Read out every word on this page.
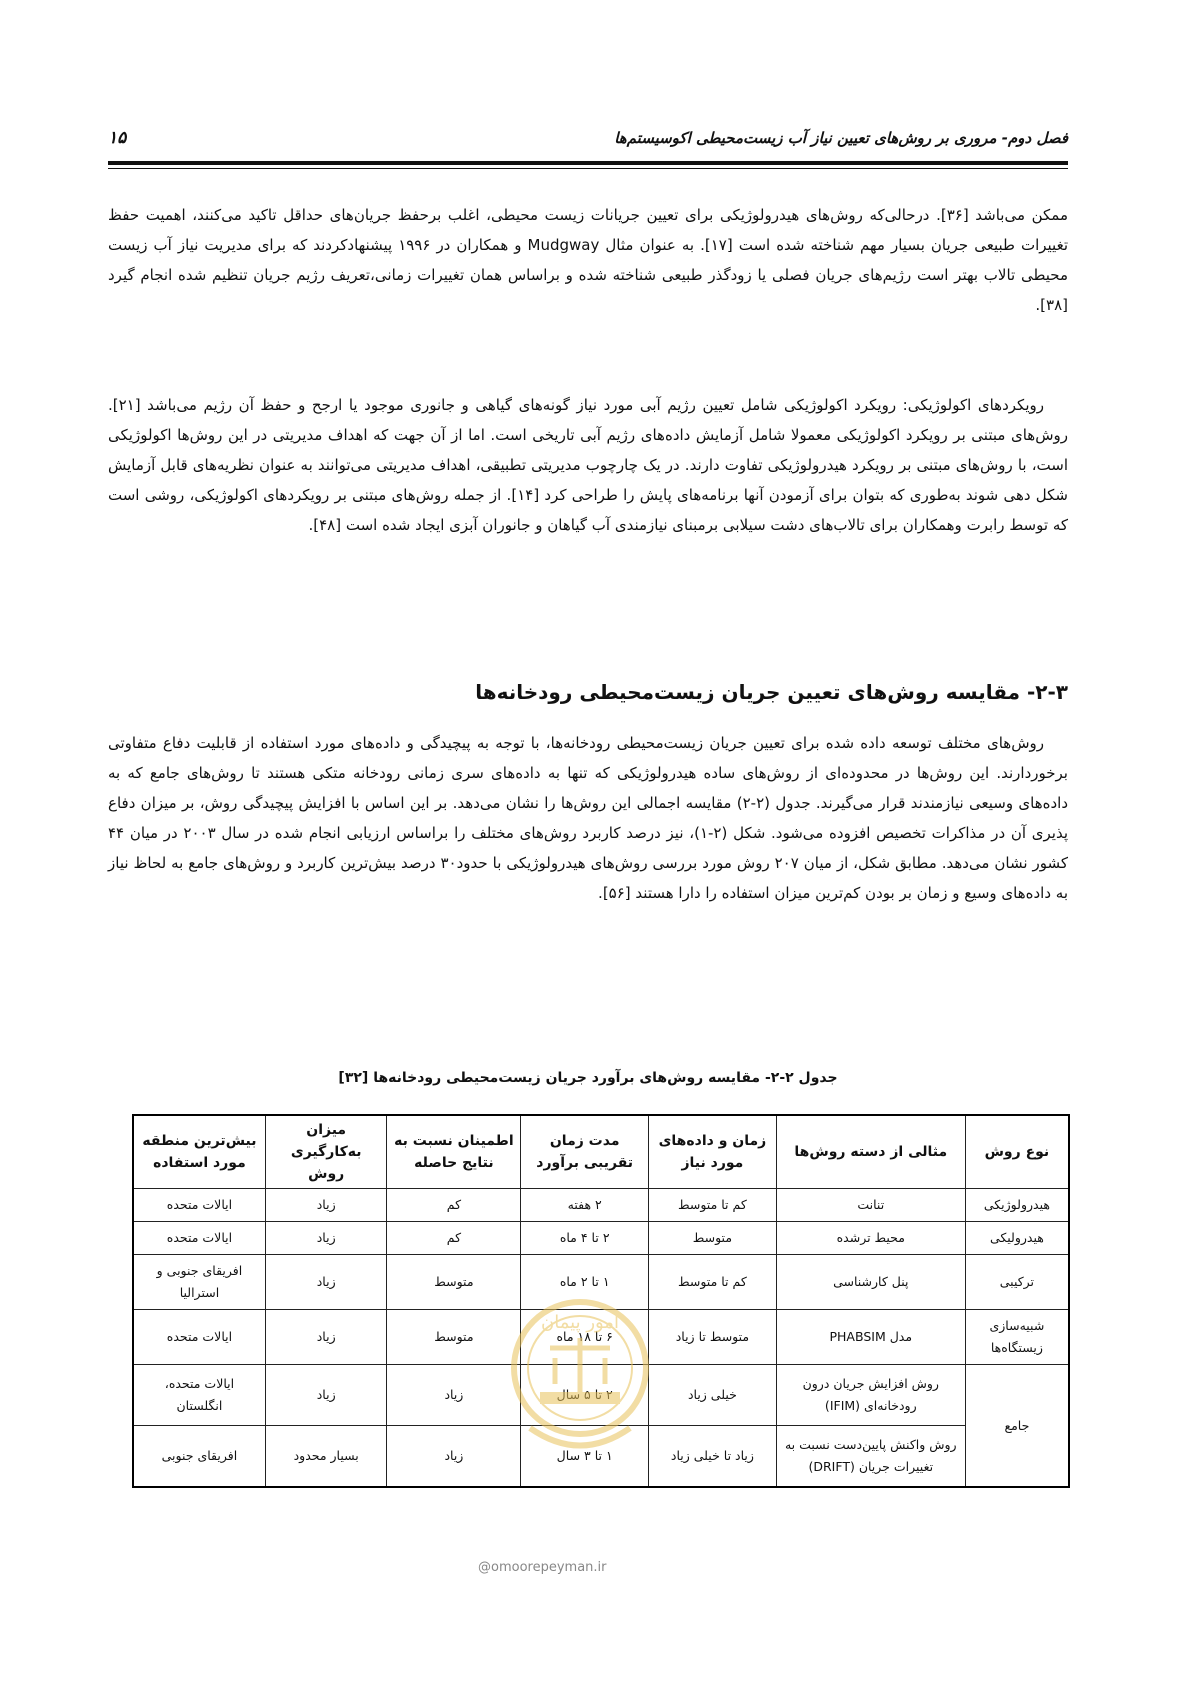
فصل دوم- مروری بر روش‌های تعیین نیاز آب زیست‌محیطی اکوسیستم‌ها
۱۵

ممکن می‌باشد [۳۶]. درحالی‌که روش‌های هیدرولوژیکی برای تعیین جریانات زیست محیطی، اغلب برحفظ جریان‌های حداقل تاکید می‌کنند، اهمیت حفظ تغییرات طبیعی جریان بسیار مهم شناخته شده است [۱۷]. به عنوان مثال Mudgway و همکاران در ۱۹۹۶ پیشنهادکردند که برای مدیریت نیاز آب زیست محیطی تالاب بهتر است رژیم‌های جریان فصلی یا زودگذر طبیعی شناخته شده و براساس همان تغییرات زمانی،تعریف رژیم جریان تنظیم شده انجام گیرد [۳۸].

رویکردهای اکولوژیکی: رویکرد اکولوژیکی شامل تعیین رژیم آبی مورد نیاز گونه‌های گیاهی و جانوری موجود یا ارجح و حفظ آن رژیم می‌باشد [۲۱]. روش‌های مبتنی بر رویکرد اکولوژیکی معمولا شامل آزمایش داده‌های رژیم آبی تاریخی است. اما از آن جهت که اهداف مدیریتی در این روش‌ها اکولوژیکی است، با روش‌های مبتنی بر رویکرد هیدرولوژیکی تفاوت دارند. در یک چارچوب مدیریتی تطبیقی، اهداف مدیریتی می‌توانند به عنوان نظریه‌های قابل آزمایش شکل دهی شوند به‌طوری که بتوان برای آزمودن آنها برنامه‌های پایش را طراحی کرد [۱۴]. از جمله روش‌های مبتنی بر رویکردهای اکولوژیکی، روشی است که توسط رابرت وهمکاران برای تالاب‌های دشت سیلابی برمبنای نیازمندی آب گیاهان و جانوران آبزی ایجاد شده است [۴۸].

۲-۳- مقایسه روش‌های تعیین جریان زیست‌محیطی رودخانه‌ها

روش‌های مختلف توسعه داده شده برای تعیین جریان زیست‌محیطی رودخانه‌ها، با توجه به پیچیدگی و داده‌های مورد استفاده از قابلیت دفاع متفاوتی برخوردارند. این روش‌ها در محدوده‌ای از روش‌های ساده هیدرولوژیکی که تنها به داده‌های سری زمانی رودخانه متکی هستند تا روش‌های جامع که به داده‌های وسیعی نیازمندند قرار می‌گیرند. جدول (۲-۲) مقایسه اجمالی این روش‌ها را نشان می‌دهد. بر این اساس با افزایش پیچیدگی روش، بر میزان دفاع پذیری آن در مذاکرات تخصیص افزوده می‌شود. شکل (۲-۱)، نیز درصد کاربرد روش‌های مختلف را براساس ارزیابی انجام شده در سال ۲۰۰۳ در میان ۴۴ کشور نشان می‌دهد. مطابق شکل، از میان ۲۰۷ روش مورد بررسی روش‌های هیدرولوژیکی با حدود۳۰ درصد بیش‌ترین کاربرد و روش‌های جامع به لحاظ نیاز به داده‌های وسیع و زمان بر بودن کم‌ترین میزان استفاده را دارا هستند [۵۶].

جدول ۲-۲- مقایسه روش‌های برآورد جریان زیست‌محیطی رودخانه‌ها [۳۲]
نوع روش	مثالی از دسته روش‌ها	زمان و داده‌های مورد نیاز	مدت زمان تقریبی برآورد	اطمینان نسبت به نتایج حاصله	میزان به‌کارگیری روش	بیش‌ترین منطقه مورد استفاده
هیدرولوژیکی	تنانت	کم تا متوسط	۲ هفته	کم	زیاد	ایالات متحده
هیدرولیکی	محیط ترشده	متوسط	۲ تا ۴ ماه	کم	زیاد	ایالات متحده
ترکیبی	پنل کارشناسی	کم تا متوسط	۱ تا ۲ ماه	متوسط	زیاد	افریقای جنوبی و استرالیا
شبیه‌سازی زیستگاه‌ها	مدل PHABSIM	متوسط تا زیاد	۶ تا ۱۸ ماه	متوسط	زیاد	ایالات متحده
جامع	روش افزایش جریان درون رودخانه‌ای (IFIM)	خیلی زیاد		زیاد	زیاد	ایالات متحده، انگلستان
	روش واکنش پایین‌دست نسبت به تغییرات جریان (DRIFT)	زیاد تا خیلی زیاد	۱ تا ۳ سال	زیاد	بسیار محدود	افریقای جنوبی
امور پیمان
@omoorepeyman.ir
